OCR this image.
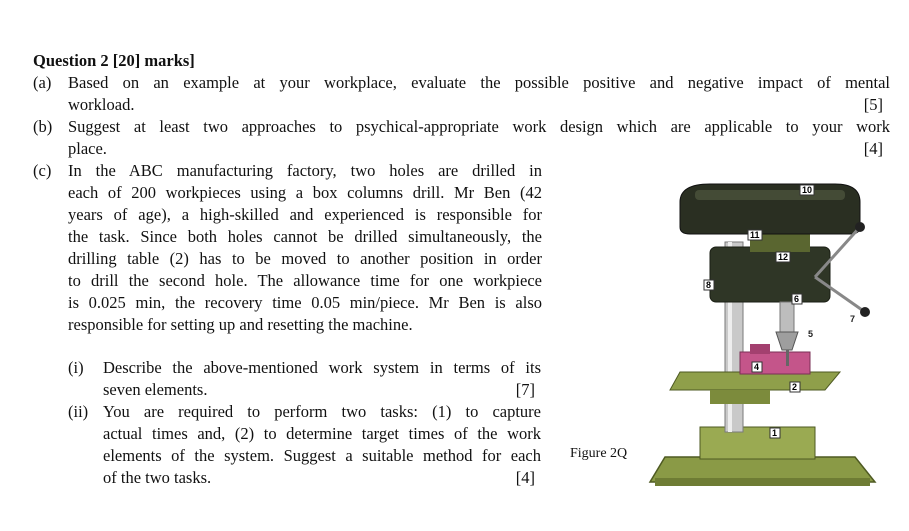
Question 2 [20] marks]
(a) Based on an example at your workplace, evaluate the possible positive and negative impact of mental
workload.	[5]
(b) Suggest at least two approaches to psychical-appropriate work design which are applicable to your work
place.	[4]
(c) In the ABC manufacturing factory, two holes are drilled in
each of 200 workpieces using a box columns drill. Mr Ben (42
years of age), a high-skilled and experienced is responsible for
the task. Since both holes cannot be drilled simultaneously, the
drilling table (2) has to be moved to another position in order
to drill the second hole. The allowance time for one workpiece
is 0.025 min, the recovery time 0.05 min/piece. Mr Ben is also
responsible for setting up and resetting the machine.
(i) Describe the above-mentioned work system in terms of its
seven elements.	[7]
(ii) You are required to perform two tasks: (1) to capture
actual times and, (2) to determine target times of the work
elements of the system. Suggest a suitable method for each
of the two tasks.	[4]
Figure 2Q
10
11
12
8
6
7
5
4
2
1
